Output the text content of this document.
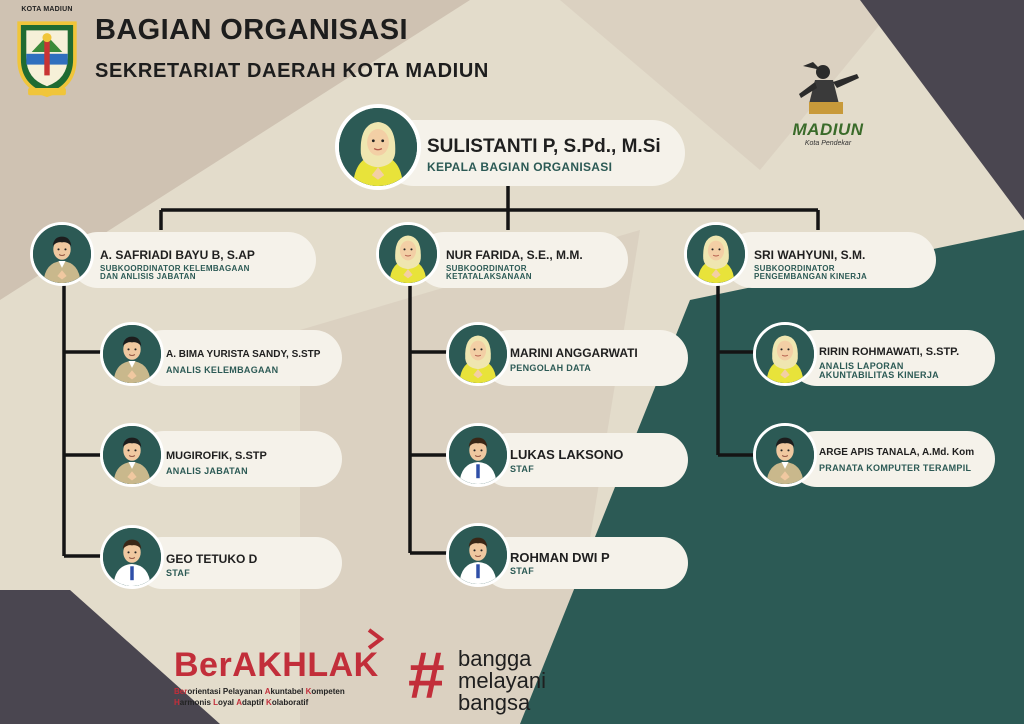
KOTA MADIUN
BAGIAN ORGANISASI
SEKRETARIAT DAERAH KOTA MADIUN
MADIUN
Kota Pendekar
SULISTANTI P, S.Pd., M.Si
KEPALA BAGIAN ORGANISASI
A. SAFRIADI BAYU B, S.AP
SUBKOORDINATOR KELEMBAGAAN
DAN ANLISIS JABATAN
NUR FARIDA, S.E., M.M.
SUBKOORDINATOR
KETATALAKSANAAN
SRI WAHYUNI, S.M.
SUBKOORDINATOR
PENGEMBANGAN KINERJA
A. BIMA YURISTA SANDY, S.STP
ANALIS KELEMBAGAAN
MUGIROFIK, S.STP
ANALIS JABATAN
GEO TETUKO D
STAF
MARINI ANGGARWATI
PENGOLAH DATA
LUKAS LAKSONO
STAF
ROHMAN DWI P
STAF
RIRIN ROHMAWATI, S.STP.
ANALIS LAPORAN
AKUNTABILITAS KINERJA
ARGE APIS TANALA, A.Md. Kom
PRANATA KOMPUTER TERAMPIL
BerAKHLAK
Berorientasi Pelayanan Akuntabel Kompeten
Harmonis Loyal Adaptif Kolaboratif # bangga
melayani
bangsa
